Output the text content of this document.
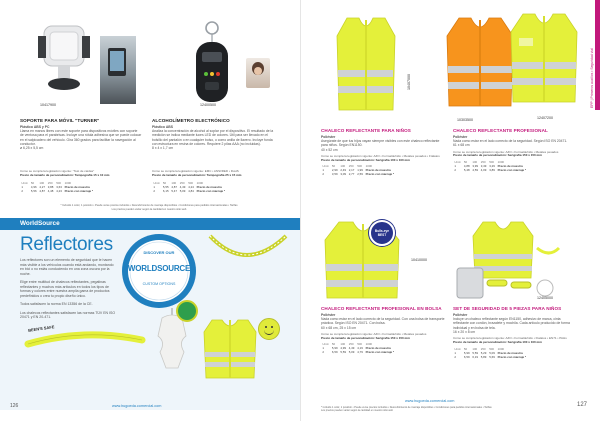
10417900	12400500
SOPORTE PARA MÓVIL "TURNER"
Plástico ABS y PC
Llama en manos libres con este soporte para dispositivos móviles con soporte de ventosa para el parabrisas. Incluye una rótula adhesiva que se puede colocar en el salpicadero del vehículo. Gira 360 grados para facilitar la navegación al conductor.
ø 6,25 x 5,5 cm
ALCOHOLÍMETRO ELECTRÓNICO
Plástico ABS
Analiza la concentración de alcohol al soplar por el dispositivo. El resultado de la medición se indica mediante luces LED de colores. Útil para ser llevado en el bolsillo del pantalón o en cualquier bolso, o como anilla de llavero. Incluye funda con estructura en resina de colores. Requiere 2 pilas AAA (no incluidas).
8 x 4 x 1,7 cm
Cómo se cumpla la legislación vigente: "Test de caídas"
Precio de tamaño de personalización: Tampografía 15 x 10 mm
Unid.	50	100	250	500	1000
1	4,96	4,27	3,88	3,63	Precio de muestra
2	5,56	4,87	4,48	4,23	Precio con marcaje *
Cómo se cumpla la legislación vigente: EMC • ANSI/RED • RoHS
Precio de tamaño de personalización: Tampografía 25 x 15 mm
Unid.	50	100	250	500	1000
1	5,55	4,87	4,49	4,24	Precio de muestra
2	6,15	5,47	5,09	4,84	Precio con marcaje *
* Incluido 1 color, 1 posición • Puede verse precios incluidos • Descubrimiento de marcaje disponibles • Condiciones para pedidos internacionales • Tarifas
Los precios pueden variar según la cantidad en nuestro sitio web
WorldSource
Reflectores
Los reflectores son un elemento de seguridad que le hacen más visible a los vehículos cuando está andando, montando en bici o no estás conduciendo en una zona oscura por la noche.
Elige entre multitud de chalecos reflectantes, pegatinas reflectantes y muchos más artículos en todos los tipos de formas y colores entre nuestra amplia gama de productos predefinidos o crea tu propio diseño único.
Todos satisfacen la norma EN 13356 de la CE.
Los chalecos reflectantes satisfacen las normas TÜV EN ISO 20471 y EN 20-471.
DISCOVER OUR
WORLDSOURCE
CUSTOM OPTIONS
BEEN'S SAFE
www.hugoeda.comercial.com
126
EPP | Primeros auxilios • Seguridad vial
10407000
10303500	12407200
CHALECO REFLECTANTE PARA NIÑOS
Poliéster
Asegúrate de que tus hijos vayan siempre visibles con este chaleco reflectante para niños. Según EN1150.
40 x 52 cm
Cómo se cumpla la legislación vigente: AZO • Formaldehído • Metales pesados • Ftalatos
Precio de tamaño de personalización: Serigrafía 100 x 100 mm
Unid.	50	100	250	500	1000
1	2,99	2,49	2,17	1,99	Precio de muestra
2	3,59	3,09	2,77	2,59	Precio con marcaje *
CHALECO REFLECTANTE PROFESIONAL
Poliéster
Nada como estar en el lado correcto de la seguridad. Según ISO EN 20471.
61 x 68 cm
Cómo se cumpla la legislación vigente: AZO • Formaldehído • Metales pesados
Precio de tamaño de personalización: Serigrafía 150 x 150 mm
Unid.	50	100	250	500	1000
1	4,88	3,99	3,49	3,29	Precio de muestra
2	5,48	4,59	4,09	3,89	Precio con marcaje *
Bulls-eye BEST
10410000
12405000
CHALECO REFLECTANTE PROFESIONAL EN BOLSA
Poliéster
Nada como estar en el lado correcto de la seguridad. Con una bolsa de transporte práctica. Según ISO EN 20471. Con bolsa.
60 x 68 cm, 25 x 15 cm
Cómo se cumpla la legislación vigente: AZO • Formaldehído • Metales pesados
Precio de tamaño de personalización: Serigrafía 150 x 150 mm
Unid.	50	100	250	500	1000
1	5,99	4,99	4,49	4,19	Precio de muestra
2	6,59	5,59	5,09	4,79	Precio con marcaje *
SET DE SEGURIDAD DE 5 PIEZAS PARA NIÑOS
Poliéster
Incluye un chaleco reflectante según EN1150, adhesivo de marca, cinta reflectante con cordón, brazalete y mochila. Cada artículo producido de forma individual y en bolsa de tela.
16 x 20 x 8 cm
Cómo se cumpla la legislación vigente: AZO • Formaldehído • Ftalatos • EN71 • PAHs
Precio de tamaño de personalización: Serigrafía 100 x 100 mm
Unid.	50	100	250	500	1000
1	5,99	5,59	5,29	5,09	Precio de muestra
2	6,59	6,19	5,89	5,69	Precio con marcaje *
www.hugoeda.comercial.com
* Incluido 1 color, 1 posición • Puede verse precios incluidos • Descubrimiento de marcaje disponibles • Condiciones para pedidos internacionales • Tarifas
Los precios pueden variar según la cantidad en nuestro sitio web
127
